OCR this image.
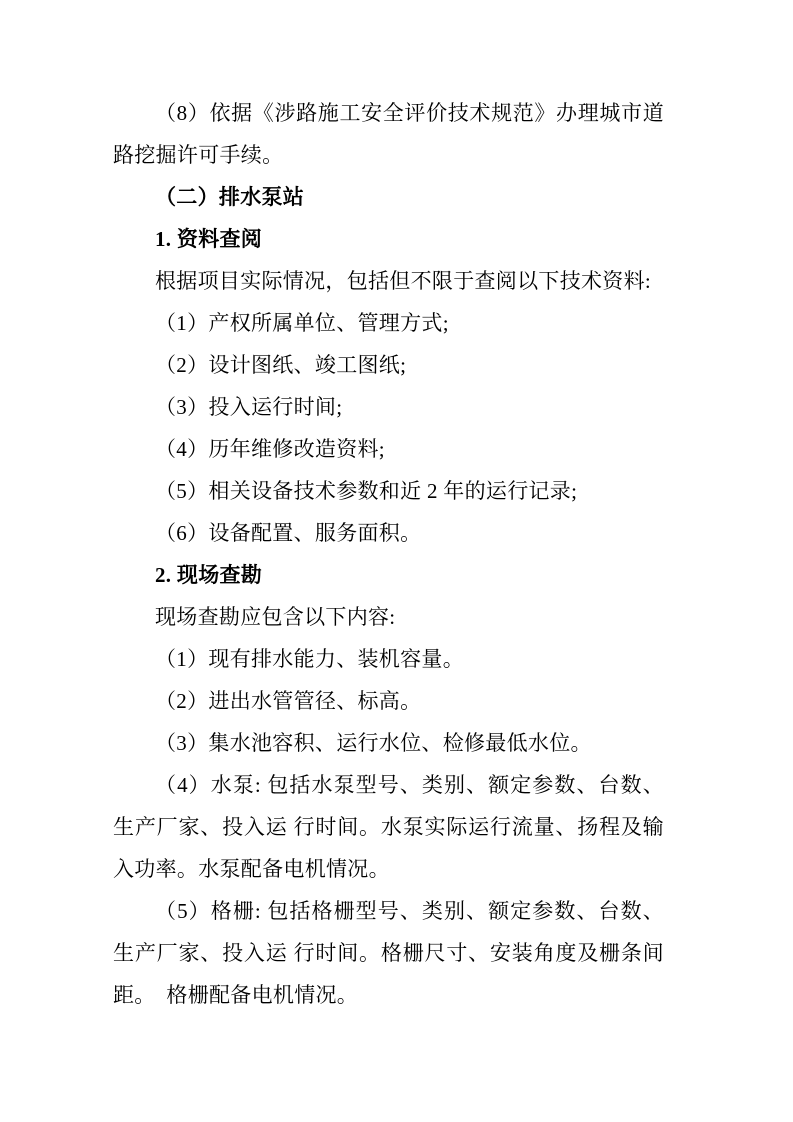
（8）依据《涉路施工安全评价技术规范》办理城市道路挖掘许可手续。

（二）排水泵站

1. 资料查阅

根据项目实际情况，包括但不限于查阅以下技术资料:

（1）产权所属单位、管理方式;

（2）设计图纸、竣工图纸;

（3）投入运行时间;

（4）历年维修改造资料;

（5）相关设备技术参数和近 2 年的运行记录;

（6）设备配置、服务面积。

2. 现场查勘

现场查勘应包含以下内容:

（1）现有排水能力、装机容量。

（2）进出水管管径、标高。

（3）集水池容积、运行水位、检修最低水位。

（4）水泵: 包括水泵型号、类别、额定参数、台数、生产厂家、投入运 行时间。水泵实际运行流量、扬程及输入功率。水泵配备电机情况。

（5）格栅: 包括格栅型号、类别、额定参数、台数、生产厂家、投入运 行时间。格栅尺寸、安装角度及栅条间距。　格栅配备电机情况。
